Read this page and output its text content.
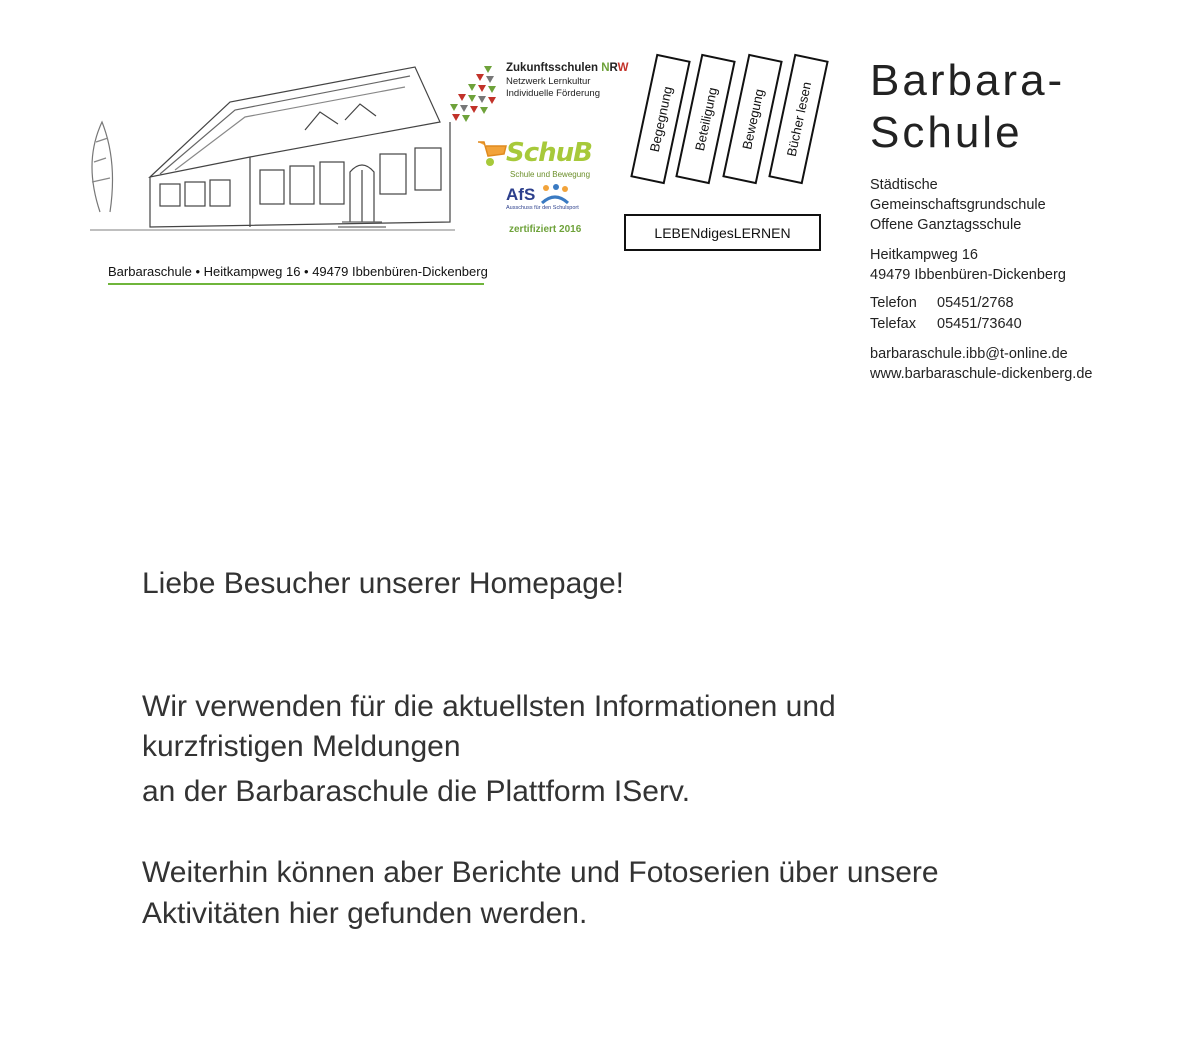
Barbaraschule • Heitkampweg 16 • 49479 Ibbenbüren-Dickenberg
Zukunftsschulen NRW
Netzwerk Lernkultur
Individuelle Förderung
SchuB
Schule und Bewegung
AfS
Ausschuss für den Schulsport
zertifiziert 2016
Begegnung Beteiligung Bewegung Bücher lesen
LEBENdigesLERNEN
Barbara-
Schule
Städtische
Gemeinschaftsgrundschule
Offene Ganztagsschule
Heitkampweg 16
49479 Ibbenbüren-Dickenberg
Telefon 05451/2768
Telefax 05451/73640
barbaraschule.ibb@t-online.de
www.barbaraschule-dickenberg.de
Liebe Besucher unserer Homepage!
Wir verwenden für die aktuellsten Informationen und
kurzfristigen Meldungen
an der Barbaraschule die Plattform IServ.
Weiterhin können aber Berichte und Fotoserien über unsere
Aktivitäten hier gefunden werden.
